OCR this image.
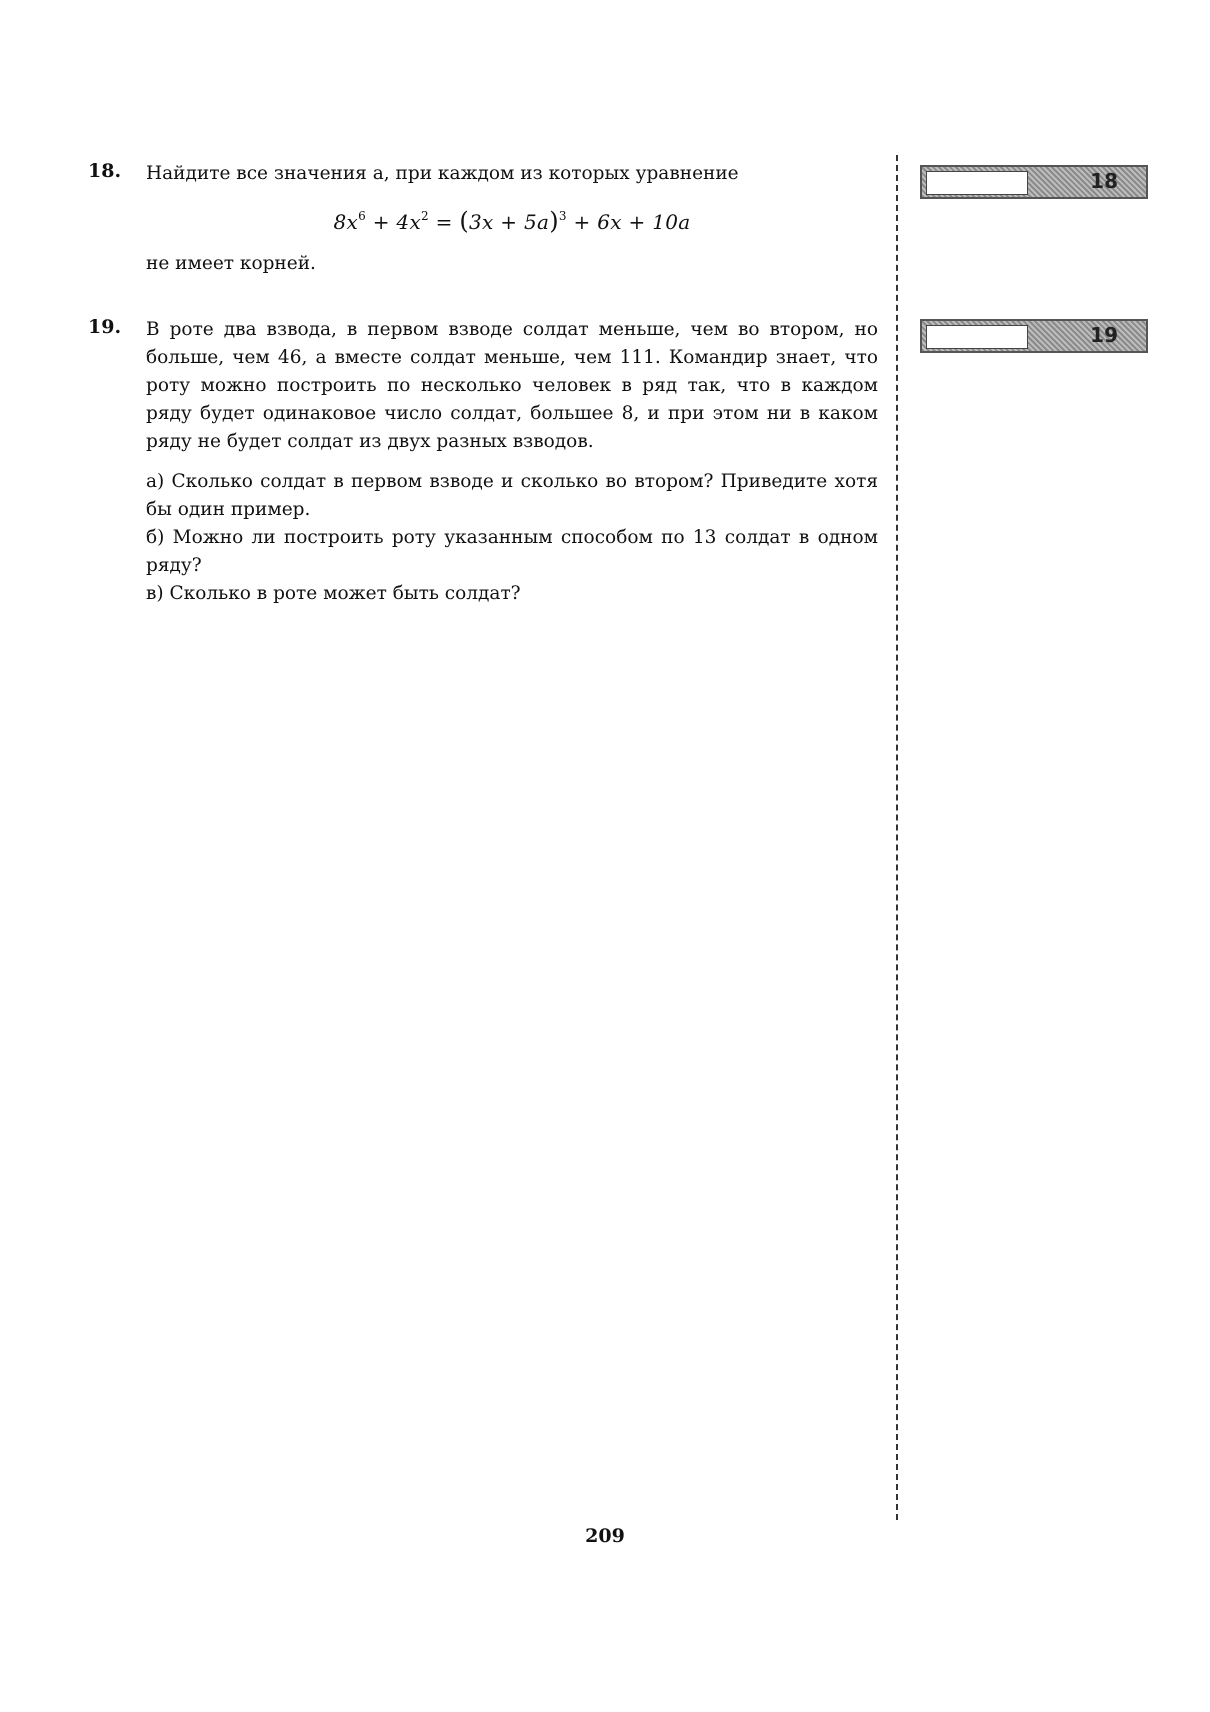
18. Найдите все значения a, при каждом из которых уравнение

$8x^6 + 4x^2 = (3x + 5a)^3 + 6x + 10a$

не имеет корней.

19. В роте два взвода, в первом взводе солдат меньше, чем во втором, но больше, чем 46, а вместе солдат меньше, чем 111. Командир знает, что роту можно построить по несколько человек в ряд так, что в каждом ряду будет одинаковое число солдат, большее 8, и при этом ни в каком ряду не будет солдат из двух разных взводов.

а) Сколько солдат в первом взводе и сколько во втором? Приведите хотя бы один пример.

б) Можно ли построить роту указанным способом по 13 солдат в одном ряду?

в) Сколько в роте может быть солдат?

18
19
209
